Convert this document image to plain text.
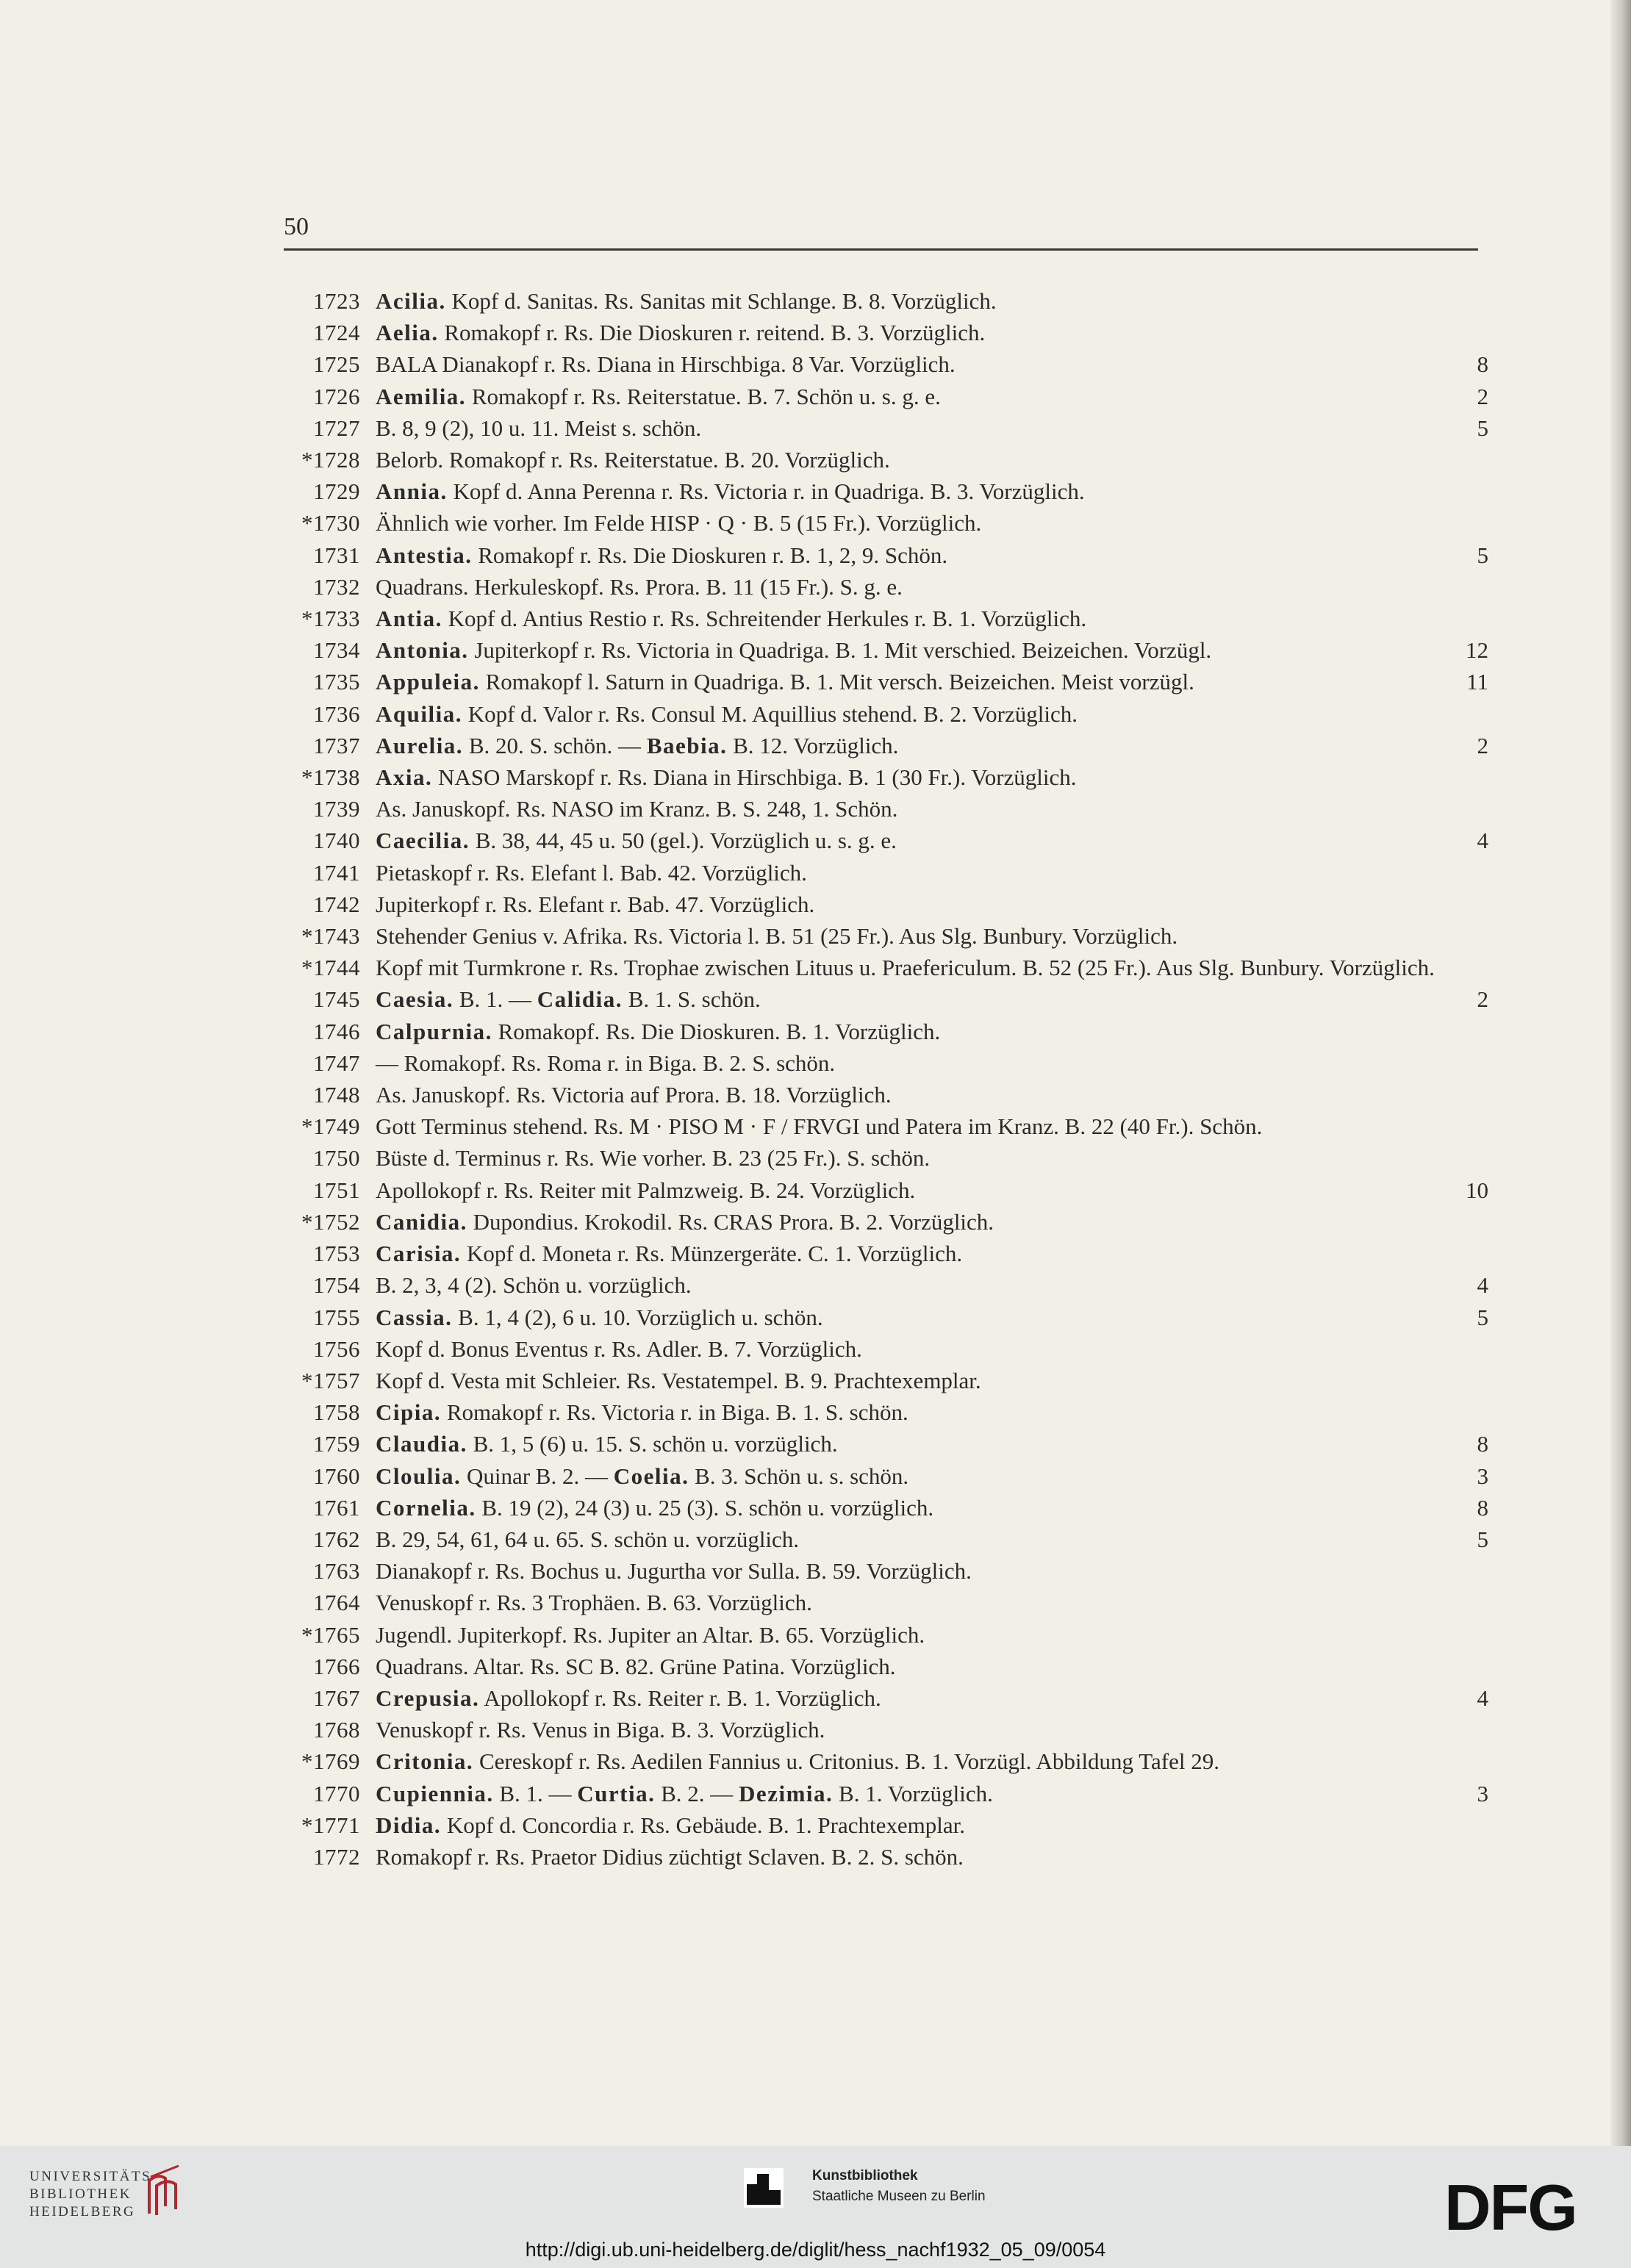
50
1723 Acilia. Kopf d. Sanitas. Rs. Sanitas mit Schlange. B. 8. Vorzüglich.
1724 Aelia. Romakopf r. Rs. Die Dioskuren r. reitend. B. 3. Vorzüglich.
1725 BALA Dianakopf r. Rs. Diana in Hirschbiga. 8 Var. Vorzüglich.	8
1726 Aemilia. Romakopf r. Rs. Reiterstatue. B. 7. Schön u. s. g. e.	2
1727 B. 8, 9 (2), 10 u. 11. Meist s. schön.	5
*1728 Belorb. Romakopf r. Rs. Reiterstatue. B. 20. Vorzüglich.
1729 Annia. Kopf d. Anna Perenna r. Rs. Victoria r. in Quadriga. B. 3. Vorzüglich.
*1730 Ähnlich wie vorher. Im Felde HISP · Q · B. 5 (15 Fr.). Vorzüglich.
1731 Antestia. Romakopf r. Rs. Die Dioskuren r. B. 1, 2, 9. Schön.	5
1732 Quadrans. Herkuleskopf. Rs. Prora. B. 11 (15 Fr.). S. g. e.
*1733 Antia. Kopf d. Antius Restio r. Rs. Schreitender Herkules r. B. 1. Vorzüglich.
1734 Antonia. Jupiterkopf r. Rs. Victoria in Quadriga. B. 1. Mit verschied. Beizeichen. Vorzügl.	12
1735 Appuleia. Romakopf l. Saturn in Quadriga. B. 1. Mit versch. Beizeichen. Meist vorzügl.	11
1736 Aquilia. Kopf d. Valor r. Rs. Consul M. Aquillius stehend. B. 2. Vorzüglich.
1737 Aurelia. B. 20. S. schön. — Baebia. B. 12. Vorzüglich.	2
*1738 Axia. NASO Marskopf r. Rs. Diana in Hirschbiga. B. 1 (30 Fr.). Vorzüglich.
1739 As. Januskopf. Rs. NASO im Kranz. B. S. 248, 1. Schön.
1740 Caecilia. B. 38, 44, 45 u. 50 (gel.). Vorzüglich u. s. g. e.	4
1741 Pietaskopf r. Rs. Elefant l. Bab. 42. Vorzüglich.
1742 Jupiterkopf r. Rs. Elefant r. Bab. 47. Vorzüglich.
*1743 Stehender Genius v. Afrika. Rs. Victoria l. B. 51 (25 Fr.). Aus Slg. Bunbury. Vorzüglich.
*1744 Kopf mit Turmkrone r. Rs. Trophae zwischen Lituus u. Praefericulum. B. 52 (25 Fr.). Aus Slg. Bunbury. Vorzüglich.
1745 Caesia. B. 1. — Calidia. B. 1. S. schön.	2
1746 Calpurnia. Romakopf. Rs. Die Dioskuren. B. 1. Vorzüglich.
1747 — Romakopf. Rs. Roma r. in Biga. B. 2. S. schön.
1748 As. Januskopf. Rs. Victoria auf Prora. B. 18. Vorzüglich.
*1749 Gott Terminus stehend. Rs. M · PISO M · F / FRVGI und Patera im Kranz. B. 22 (40 Fr.). Schön.
1750 Büste d. Terminus r. Rs. Wie vorher. B. 23 (25 Fr.). S. schön.
1751 Apollokopf r. Rs. Reiter mit Palmzweig. B. 24. Vorzüglich.	10
*1752 Canidia. Dupondius. Krokodil. Rs. CRAS Prora. B. 2. Vorzüglich.
1753 Carisia. Kopf d. Moneta r. Rs. Münzergeräte. C. 1. Vorzüglich.
1754 B. 2, 3, 4 (2). Schön u. vorzüglich.	4
1755 Cassia. B. 1, 4 (2), 6 u. 10. Vorzüglich u. schön.	5
1756 Kopf d. Bonus Eventus r. Rs. Adler. B. 7. Vorzüglich.
*1757 Kopf d. Vesta mit Schleier. Rs. Vestatempel. B. 9. Prachtexemplar.
1758 Cipia. Romakopf r. Rs. Victoria r. in Biga. B. 1. S. schön.
1759 Claudia. B. 1, 5 (6) u. 15. S. schön u. vorzüglich.	8
1760 Cloulia. Quinar B. 2. — Coelia. B. 3. Schön u. s. schön.	3
1761 Cornelia. B. 19 (2), 24 (3) u. 25 (3). S. schön u. vorzüglich.	8
1762 B. 29, 54, 61, 64 u. 65. S. schön u. vorzüglich.	5
1763 Dianakopf r. Rs. Bochus u. Jugurtha vor Sulla. B. 59. Vorzüglich.
1764 Venuskopf r. Rs. 3 Trophäen. B. 63. Vorzüglich.
*1765 Jugendl. Jupiterkopf. Rs. Jupiter an Altar. B. 65. Vorzüglich.
1766 Quadrans. Altar. Rs. SC B. 82. Grüne Patina. Vorzüglich.
1767 Crepusia. Apollokopf r. Rs. Reiter r. B. 1. Vorzüglich.	4
1768 Venuskopf r. Rs. Venus in Biga. B. 3. Vorzüglich.
*1769 Critonia. Cereskopf r. Rs. Aedilen Fannius u. Critonius. B. 1. Vorzügl. Abbildung Tafel 29.
1770 Cupiennia. B. 1. — Curtia. B. 2. — Dezimia. B. 1. Vorzüglich.	3
*1771 Didia. Kopf d. Concordia r. Rs. Gebäude. B. 1. Prachtexemplar.
1772 Romakopf r. Rs. Praetor Didius züchtigt Sclaven. B. 2. S. schön.
UNIVERSITÄTS-
BIBLIOTHEK
HEIDELBERG
Kunstbibliothek
Staatliche Museen zu Berlin	DFG
http://digi.ub.uni-heidelberg.de/diglit/hess_nachf1932_05_09/0054
